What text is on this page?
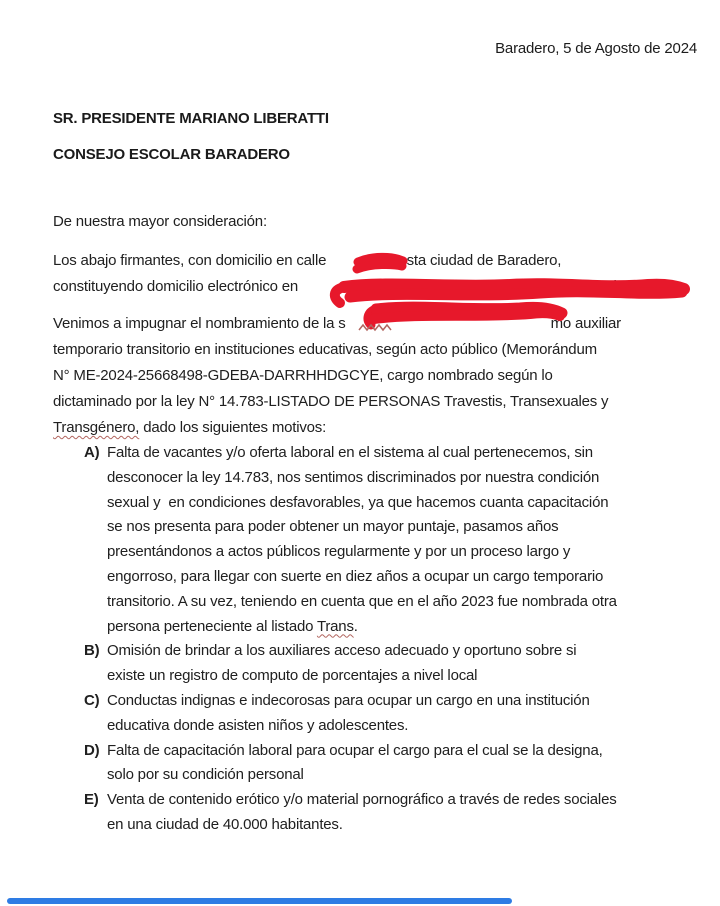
Baradero, 5 de Agosto de 2024
SR. PRESIDENTE MARIANO LIBERATTI
CONSEJO ESCOLAR BARADERO
De nuestra mayor consideración:
Los abajo firmantes, con domicilio en calle	de esta ciudad de Baradero,
constituyendo domicilio electrónico en	, decimos:
Venimos a impugnar el nombramiento de la s	mo auxiliar
temporario transitorio en instituciones educativas, según acto público (Memorándum
N° ME-2024-25668498-GDEBA-DARRHHDGCYE, cargo nombrado según lo
dictaminado por la ley N° 14.783-LISTADO DE PERSONAS Travestis, Transexuales y
Transgénero, dado los siguientes motivos:
A) Falta de vacantes y/o oferta laboral en el sistema al cual pertenecemos, sin
desconocer la ley 14.783, nos sentimos discriminados por nuestra condición
sexual y  en condiciones desfavorables, ya que hacemos cuanta capacitación
se nos presenta para poder obtener un mayor puntaje, pasamos años
presentándonos a actos públicos regularmente y por un proceso largo y
engorroso, para llegar con suerte en diez años a ocupar un cargo temporario
transitorio. A su vez, teniendo en cuenta que en el año 2023 fue nombrada otra
persona perteneciente al listado Trans.
B) Omisión de brindar a los auxiliares acceso adecuado y oportuno sobre si
existe un registro de computo de porcentajes a nivel local
C) Conductas indignas e indecorosas para ocupar un cargo en una institución
educativa donde asisten niños y adolescentes.
D) Falta de capacitación laboral para ocupar el cargo para el cual se la designa,
solo por su condición personal
E) Venta de contenido erótico y/o material pornográfico a través de redes sociales
en una ciudad de 40.000 habitantes.
